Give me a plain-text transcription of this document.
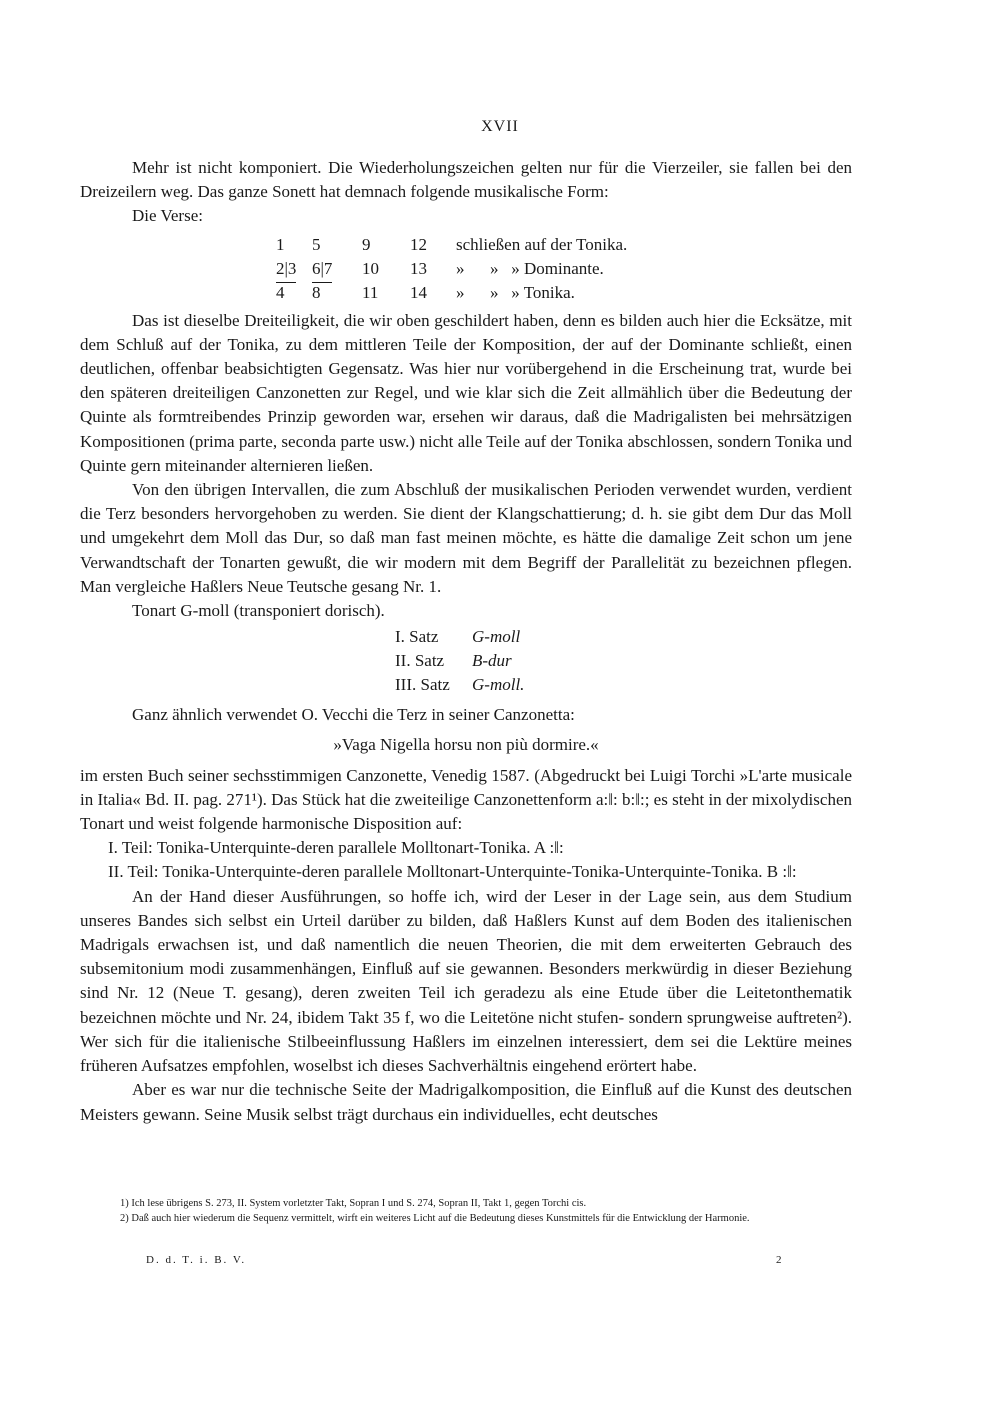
XVII

Mehr ist nicht komponiert. Die Wiederholungszeichen gelten nur für die Vierzeiler, sie fallen bei den Dreizeilern weg. Das ganze Sonett hat demnach folgende musikalische Form:

Die Verse:

1 5 9 12 schließen auf der Tonika.
2|3 6|7 10 13 »      »   » Dominante.
4 8 11 14 »      »   » Tonika.

Das ist dieselbe Dreiteiligkeit, die wir oben geschildert haben, denn es bilden auch hier die Ecksätze, mit dem Schluß auf der Tonika, zu dem mittleren Teile der Komposition, der auf der Dominante schließt, einen deutlichen, offenbar beabsichtigten Gegensatz. Was hier nur vorübergehend in die Erscheinung trat, wurde bei den späteren dreiteiligen Canzonetten zur Regel, und wie klar sich die Zeit allmählich über die Bedeutung der Quinte als formtreibendes Prinzip geworden war, ersehen wir daraus, daß die Madrigalisten bei mehrsätzigen Kompositionen (prima parte, seconda parte usw.) nicht alle Teile auf der Tonika abschlossen, sondern Tonika und Quinte gern miteinander alternieren ließen.

Von den übrigen Intervallen, die zum Abschluß der musikalischen Perioden verwendet wurden, verdient die Terz besonders hervorgehoben zu werden. Sie dient der Klangschattierung; d. h. sie gibt dem Dur das Moll und umgekehrt dem Moll das Dur, so daß man fast meinen möchte, es hätte die damalige Zeit schon um jene Verwandtschaft der Tonarten gewußt, die wir modern mit dem Begriff der Parallelität zu bezeichnen pflegen. Man vergleiche Haßlers Neue Teutsche gesang Nr. 1.

Tonart G-moll (transponiert dorisch).

I. Satz G-moll
II. Satz B-dur
III. Satz G-moll.

Ganz ähnlich verwendet O. Vecchi die Terz in seiner Canzonetta:

»Vaga Nigella horsu non più dormire.«

im ersten Buch seiner sechsstimmigen Canzonette, Venedig 1587. (Abgedruckt bei Luigi Torchi »L'arte musicale in Italia« Bd. II. pag. 271¹). Das Stück hat die zweiteilige Canzonettenform a:‖: b:‖:; es steht in der mixolydischen Tonart und weist folgende harmonische Disposition auf:

I. Teil: Tonika-Unterquinte-deren parallele Molltonart-Tonika. A :‖:

II. Teil: Tonika-Unterquinte-deren parallele Molltonart-Unterquinte-Tonika-Unterquinte-Tonika. B :‖:

An der Hand dieser Ausführungen, so hoffe ich, wird der Leser in der Lage sein, aus dem Studium unseres Bandes sich selbst ein Urteil darüber zu bilden, daß Haßlers Kunst auf dem Boden des italienischen Madrigals erwachsen ist, und daß namentlich die neuen Theorien, die mit dem erweiterten Gebrauch des subsemitonium modi zusammenhängen, Einfluß auf sie gewannen. Besonders merkwürdig in dieser Beziehung sind Nr. 12 (Neue T. gesang), deren zweiten Teil ich geradezu als eine Etude über die Leitetonthematik bezeichnen möchte und Nr. 24, ibidem Takt 35 f, wo die Leitetöne nicht stufen- sondern sprungweise auftreten²). Wer sich für die italienische Stilbeeinflussung Haßlers im einzelnen interessiert, dem sei die Lektüre meines früheren Aufsatzes empfohlen, woselbst ich dieses Sachverhältnis eingehend erörtert habe.

Aber es war nur die technische Seite der Madrigalkomposition, die Einfluß auf die Kunst des deutschen Meisters gewann. Seine Musik selbst trägt durchaus ein individuelles, echt deutsches

1) Ich lese übrigens S. 273, II. System vorletzter Takt, Sopran I und S. 274, Sopran II, Takt 1, gegen Torchi cis.

2) Daß auch hier wiederum die Sequenz vermittelt, wirft ein weiteres Licht auf die Bedeutung dieses Kunstmittels für die Entwicklung der Harmonie.

D. d. T. i. B. V.	2
